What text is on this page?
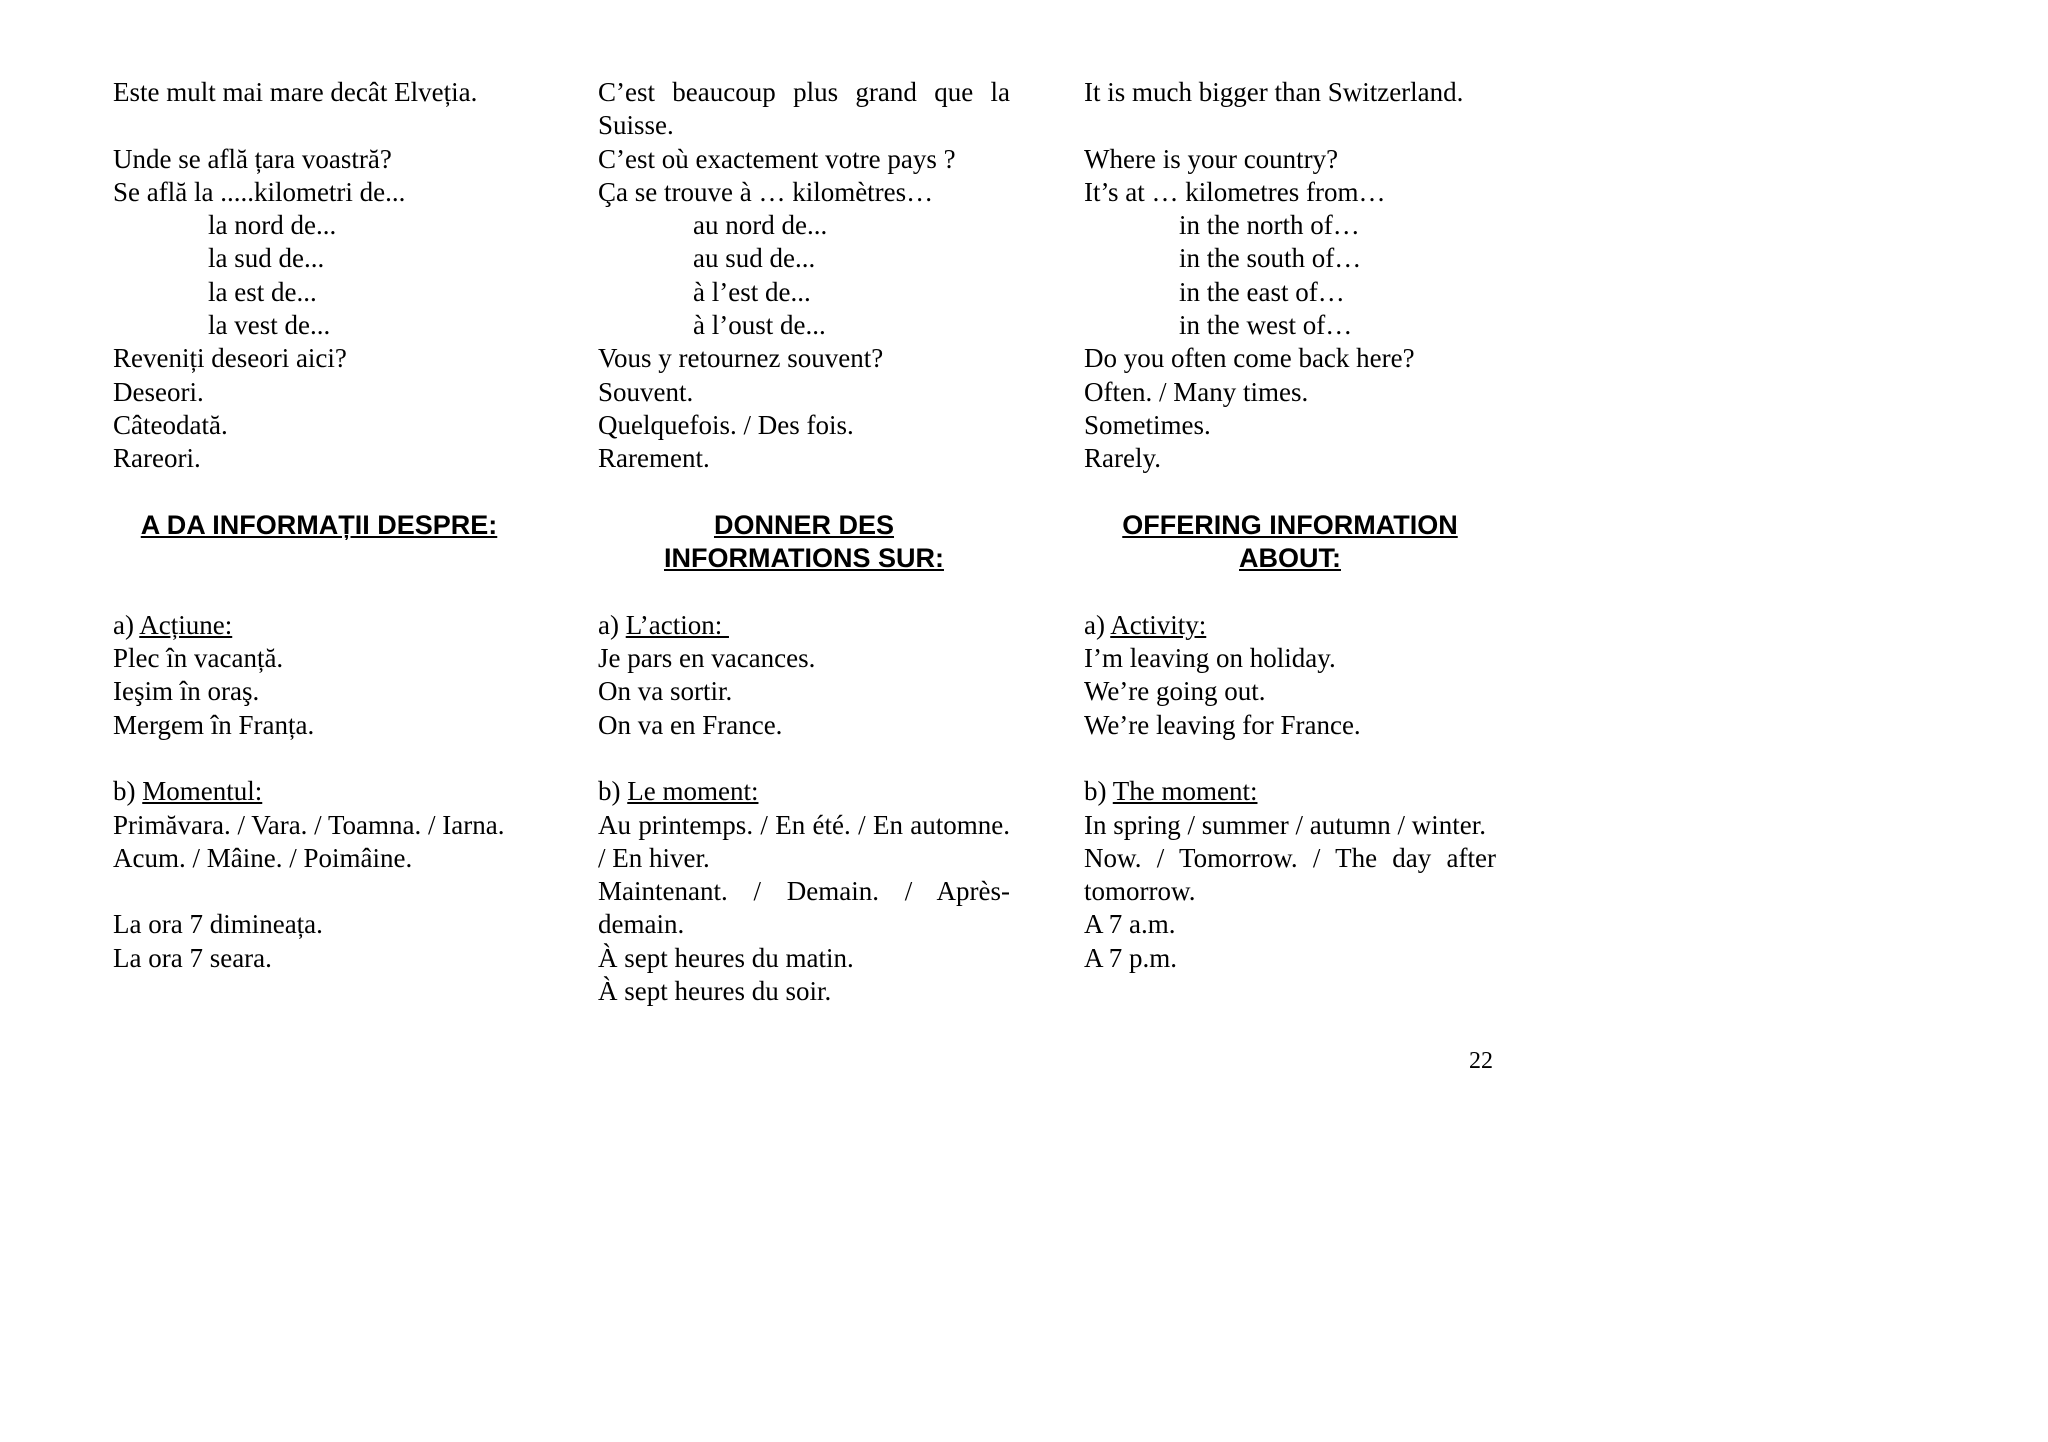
Este mult mai mare decât Elveția.
Unde se află țara voastră?
Se află la .....kilometri de...
la nord de...
la sud de...
la est de...
la vest de...
Reveniți deseori aici?
Deseori.
Câteodată.
Rareori.
A DA INFORMAȚII DESPRE:
a) Acțiune:
Plec în vacanță.
Ieşim în oraş.
Mergem în Franța.
b) Momentul:
Primăvara. / Vara. / Toamna. / Iarna.
Acum. / Mâine. / Poimâine.
La ora 7 dimineața.
La ora 7 seara.
C’est beaucoup plus grand que la Suisse.
C’est où exactement votre pays ?
Ça se trouve à … kilomètres…
au nord de...
au sud de...
à l’est de...
à l’oust de...
Vous y retournez souvent?
Souvent.
Quelquefois. / Des fois.
Rarement.
DONNER DES
INFORMATIONS SUR:
a) L’action:
Je pars en vacances.
On va sortir.
On va en France.
b) Le moment:
Au printemps. / En été. / En automne. / En hiver.
Maintenant. / Demain. / Après-demain.
À sept heures du matin.
À sept heures du soir.
It is much bigger than Switzerland.
Where is your country?
It’s at … kilometres from…
in the north of…
in the south of…
in the east of…
in the west of…
Do you often come back here?
Often. / Many times.
Sometimes.
Rarely.
OFFERING INFORMATION
ABOUT:
a) Activity:
I’m leaving on holiday.
We’re going out.
We’re leaving for France.
b) The moment:
In spring / summer / autumn / winter.
Now. / Tomorrow. / The day after tomorrow.
A 7 a.m.
A 7 p.m.
22
